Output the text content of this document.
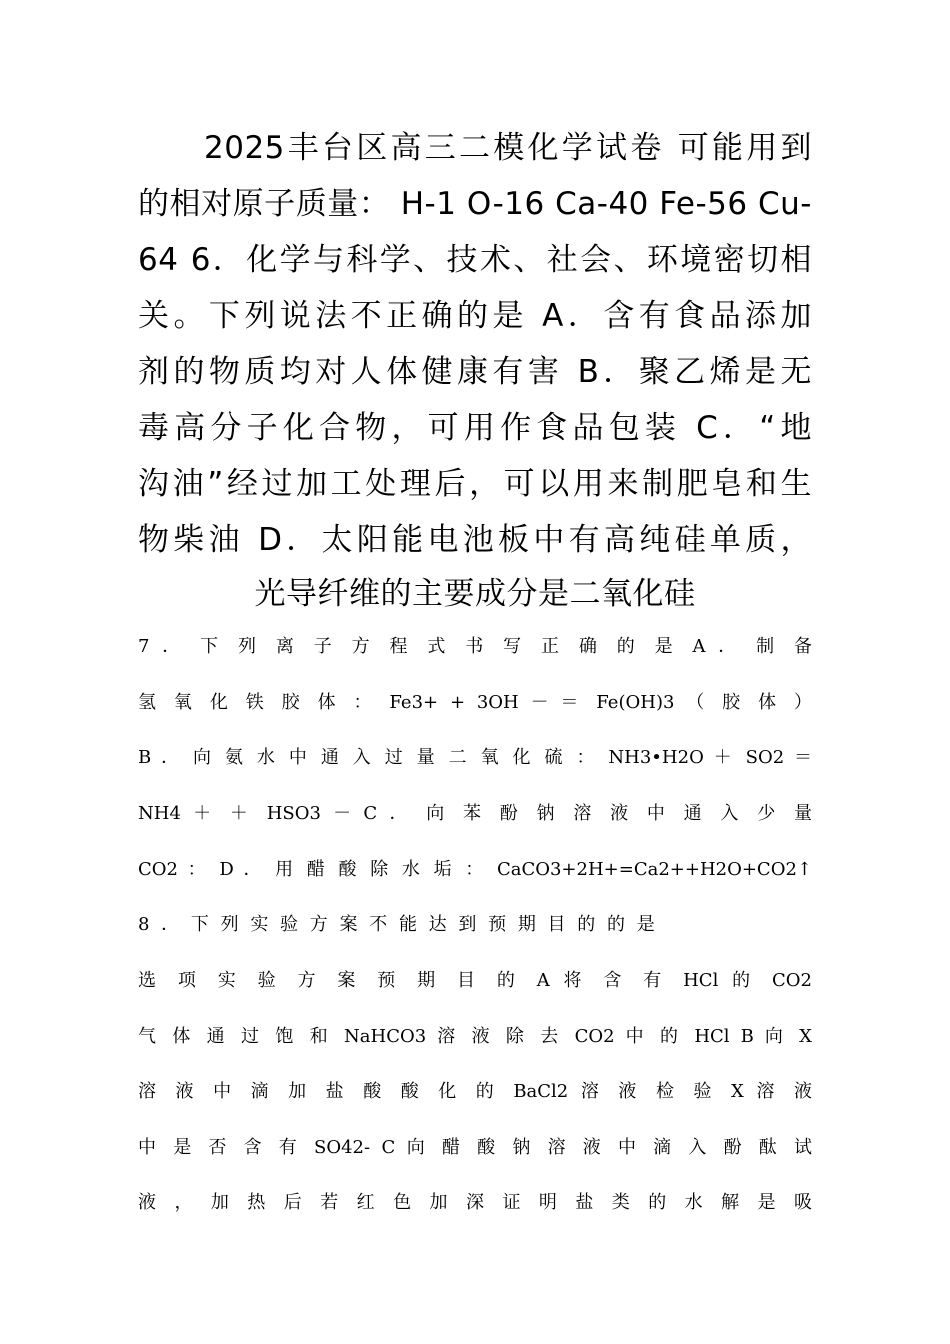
2025丰台区高三二模化学试卷 可能用到
的相对原子质量： H-1 O-16 Ca-40 Fe-56 Cu-
64 6．化学与科学、技术、社会、环境密切相
关。下列说法不正确的是 A．含有食品添加
剂的物质均对人体健康有害 B．聚乙烯是无
毒高分子化合物，可用作食品包装 C．“地
沟油”经过加工处理后，可以用来制肥皂和生
物柴油 D．太阳能电池板中有高纯硅单质，
光导纤维的主要成分是二氧化硅
7 ． 下 列 离 子 方 程 式 书 写 正 确 的 是 A ． 制 备
氢 氧 化 铁 胶 体 ： Fe3+ + 3OH － ＝ Fe(OH)3 （ 胶 体 ）
B ． 向 氨 水 中 通 入 过 量 二 氧 化 硫 ： NH3•H2O ＋ SO2 ＝
NH4 ＋ ＋ HSO3 － C ． 向 苯 酚 钠 溶 液 中 通 入 少 量
CO2 ： D ． 用 醋 酸 除 水 垢 ： CaCO3+2H+=Ca2++H2O+CO2↑
8 ． 下 列 实 验 方 案 不 能 达 到 预 期 目 的 的 是
选 项 实 验 方 案 预 期 目 的 A 将 含 有 HCl 的 CO2
气 体 通 过 饱 和 NaHCO3 溶 液 除 去 CO2 中 的 HCl B 向 X
溶 液 中 滴 加 盐 酸 酸 化 的 BaCl2 溶 液 检 验 X 溶 液
中 是 否 含 有 SO42- C 向 醋 酸 钠 溶 液 中 滴 入 酚 酞 试
液 ， 加 热 后 若 红 色 加 深 证 明 盐 类 的 水 解 是 吸
